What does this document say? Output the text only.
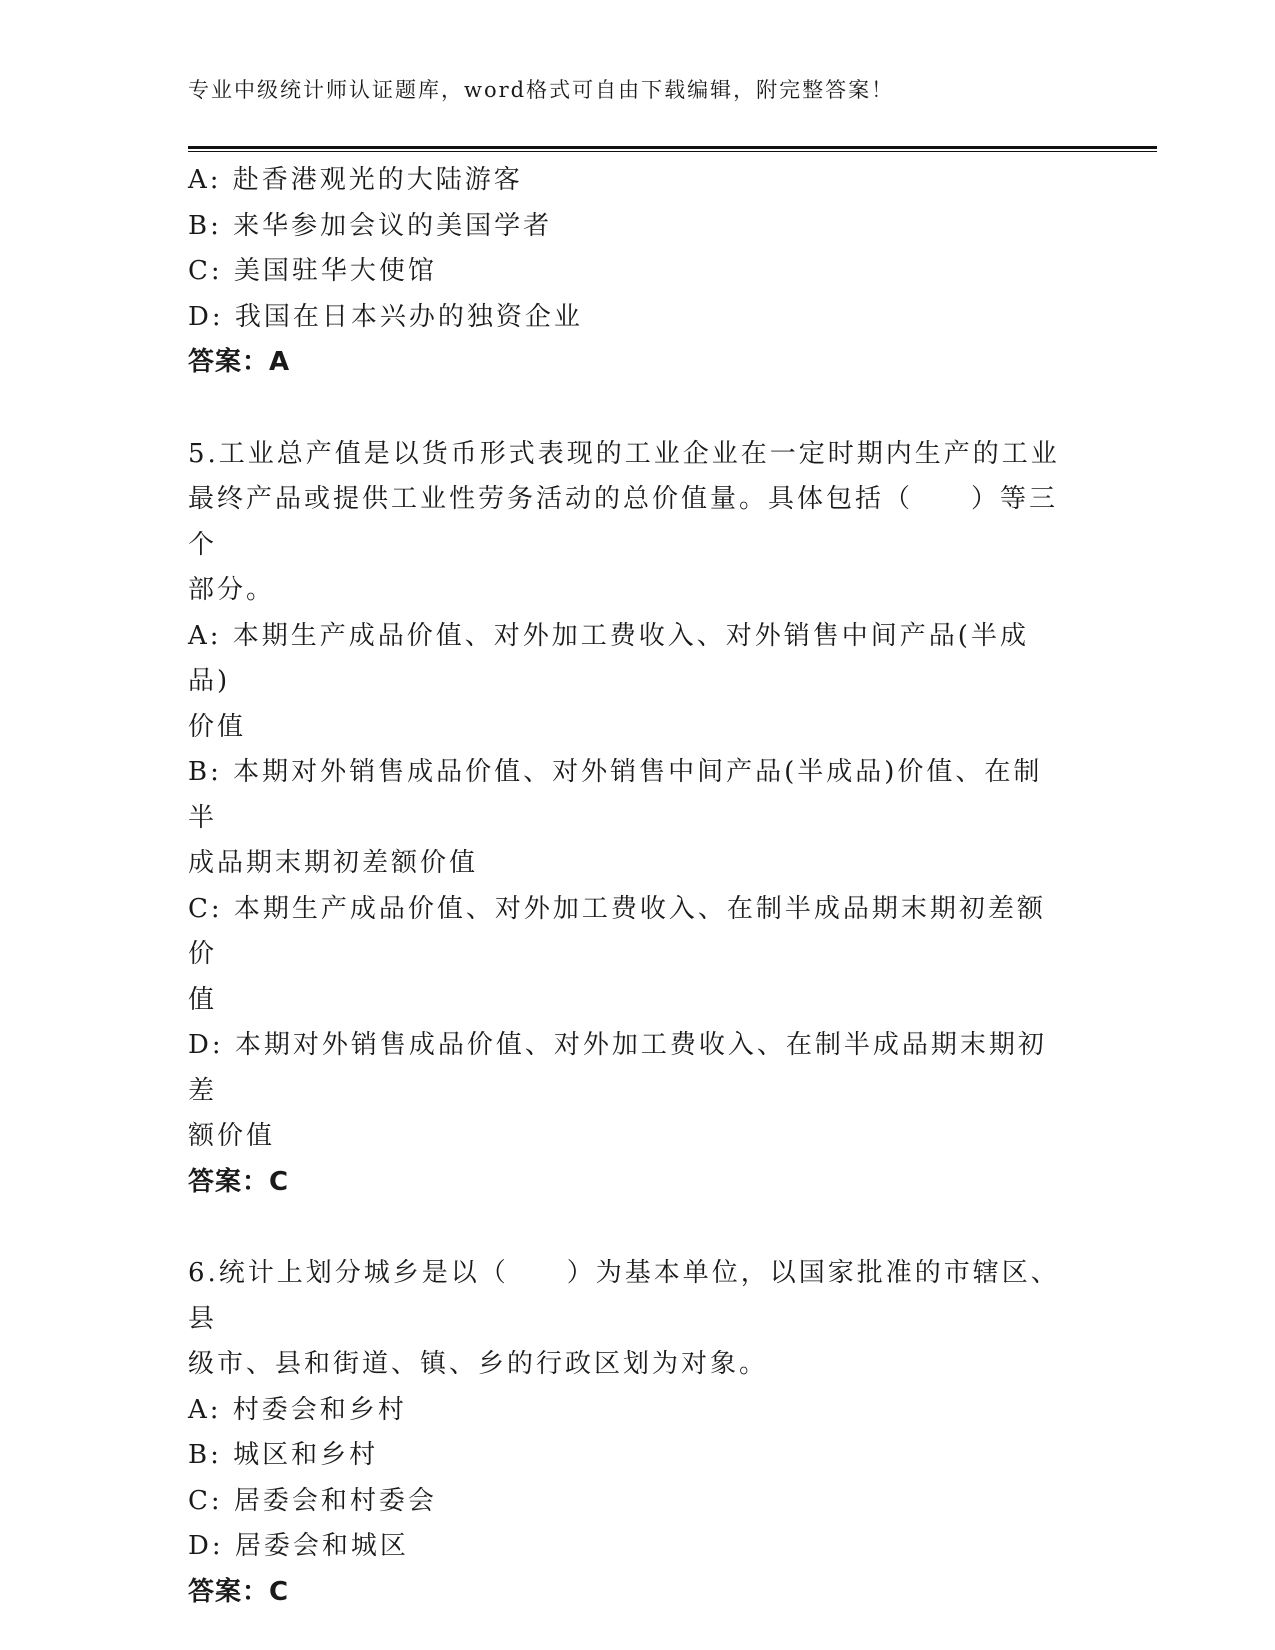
专业中级统计师认证题库，word格式可自由下载编辑，附完整答案！
A: 赴香港观光的大陆游客
B: 来华参加会议的美国学者
C: 美国驻华大使馆
D: 我国在日本兴办的独资企业
答案：A
5.工业总产值是以货币形式表现的工业企业在一定时期内生产的工业
最终产品或提供工业性劳务活动的总价值量。具体包括（　　）等三个
部分。
A: 本期生产成品价值、对外加工费收入、对外销售中间产品(半成品)
价值
B: 本期对外销售成品价值、对外销售中间产品(半成品)价值、在制半
成品期末期初差额价值
C: 本期生产成品价值、对外加工费收入、在制半成品期末期初差额价
值
D: 本期对外销售成品价值、对外加工费收入、在制半成品期末期初差
额价值
答案：C
6.统计上划分城乡是以（　　）为基本单位，以国家批准的市辖区、县
级市、县和街道、镇、乡的行政区划为对象。
A: 村委会和乡村
B: 城区和乡村
C: 居委会和村委会
D: 居委会和城区
答案：C
